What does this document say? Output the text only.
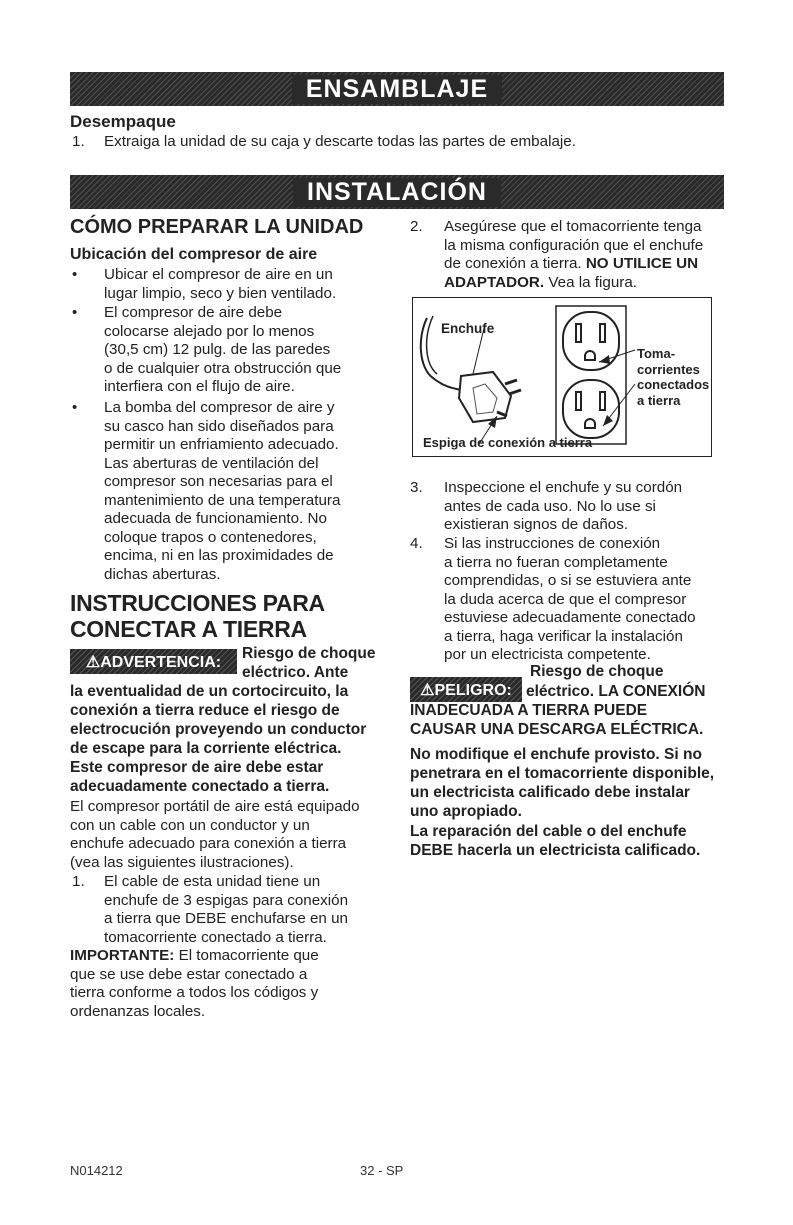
ENSAMBLAJE
Desempaque
1. Extraiga la unidad de su caja y descarte todas las partes de embalaje.
INSTALACIÓN
CÓMO PREPARAR LA UNIDAD
Ubicación del compresor de aire
• Ubicar el compresor de aire en un
lugar limpio, seco y bien ventilado.
• El compresor de aire debe
colocarse alejado por lo menos
(30,5 cm) 12 pulg. de las paredes
o de cualquier otra obstrucción que
interfiera con el flujo de aire.
• La bomba del compresor de aire y
su casco han sido diseñados para
permitir un enfriamiento adecuado.
Las aberturas de ventilación del
compresor son necesarias para el
mantenimiento de una temperatura
adecuada de funcionamiento. No
coloque trapos o contenedores,
encima, ni en las proximidades de
dichas aberturas.
INSTRUCCIONES PARA
CONECTAR A TIERRA
⚠ADVERTENCIA:	Riesgo de choque
eléctrico. Ante
la eventualidad de un cortocircuito, la
conexión a tierra reduce el riesgo de
electrocución proveyendo un conductor
de escape para la corriente eléctrica.
Este compresor de aire debe estar
adecuadamente conectado a tierra.
El compresor portátil de aire está equipado
con un cable con un conductor y un
enchufe adecuado para conexión a tierra
(vea las siguientes ilustraciones).
1. El cable de esta unidad tiene un
enchufe de 3 espigas para conexión
a tierra que DEBE enchufarse en un
tomacorriente conectado a tierra.
IMPORTANTE: El tomacorriente que
que se use debe estar conectado a
tierra conforme a todos los códigos y
ordenanzas locales.
2. Asegúrese que el tomacorriente tenga
la misma configuración que el enchufe
de conexión a tierra. NO UTILICE UN
ADAPTADOR. Vea la figura.
Enchufe
Toma-
corrientes
conectados
a tierra
Espiga de conexión a tierra
3. Inspeccione el enchufe y su cordón
antes de cada uso. No lo use si
existieran signos de daños.
4. Si las instrucciones de conexión
a tierra no fueran completamente
comprendidas, o si se estuviera ante
la duda acerca de que el compresor
estuviese adecuadamente conectado
a tierra, haga verificar la instalación
por un electricista competente.
⚠PELIGRO:
Riesgo de choque
eléctrico. LA CONEXIÓN
INADECUADA A TIERRA PUEDE
CAUSAR UNA DESCARGA ELÉCTRICA.
No modifique el enchufe provisto. Si no
penetrara en el tomacorriente disponible,
un electricista calificado debe instalar
uno apropiado.
La reparación del cable o del enchufe
DEBE hacerla un electricista calificado.
N014212	32 - SP
